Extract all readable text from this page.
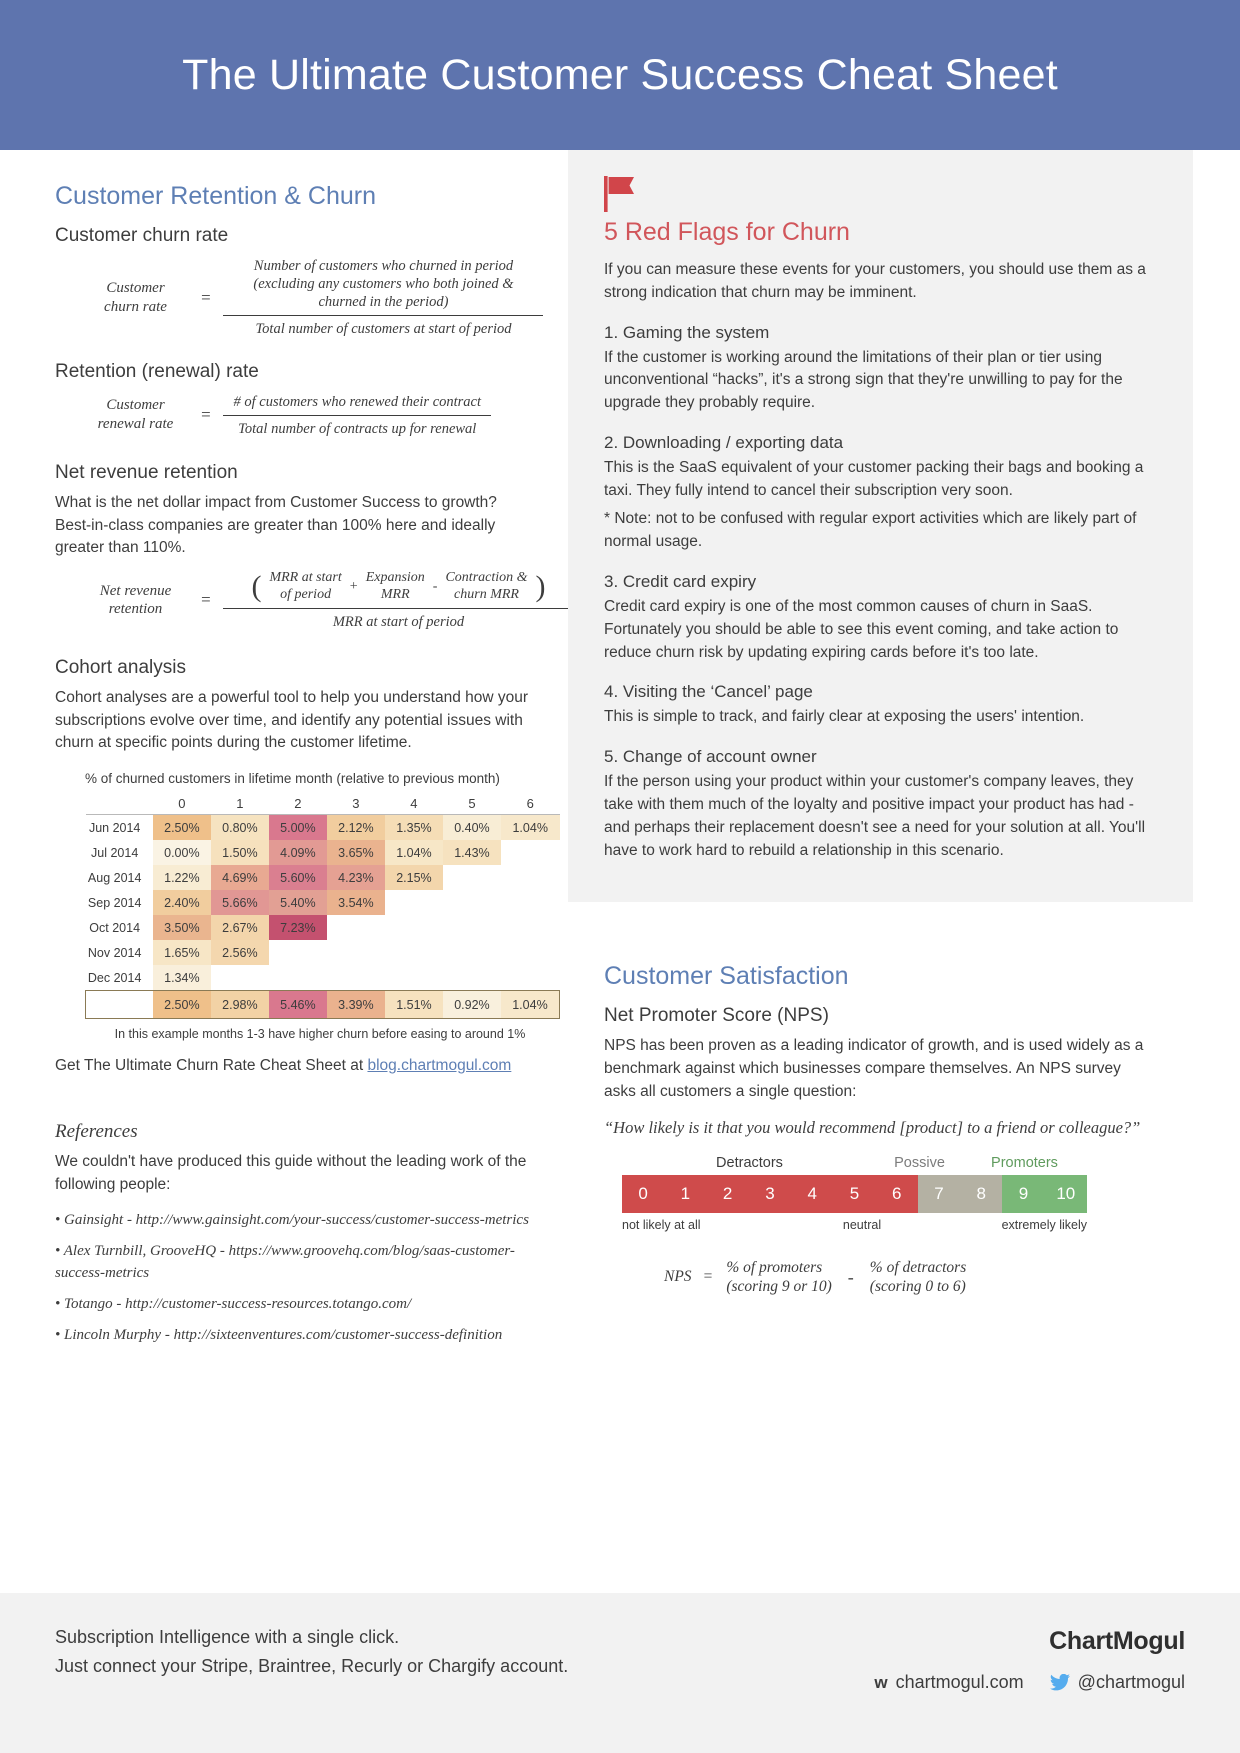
The Ultimate Customer Success Cheat Sheet
Customer Retention & Churn
Customer churn rate
Customer
churn rate	=
Number of customers who churned in period (excluding any customers who both joined & churned in the period)
Total number of customers at start of period
Retention (renewal) rate
Customer
renewal rate	= $\frac{\text{\# of customers who renewed their contract}}{\text{Total number of contracts up for renewal}}$
Net revenue retention

What is the net dollar impact from Customer Success to growth? Best-in-class companies are greater than 100% here and ideally greater than 110%.

Net revenue
retention	= ( MRR at start
of period
+
Expansion
MRR
-
Contraction &
churn MRR )
MRR at start of period
Cohort analysis

Cohort analyses are a powerful tool to help you understand how your subscriptions evolve over time, and identify any potential issues with churn at specific points during the customer lifetime.

% of churned customers in lifetime month (relative to previous month)
	0	1	2	3	4	5	6
Jun 2014	2.50%	0.80%	5.00%	2.12%	1.35%	0.40%	1.04%
Jul 2014	0.00%	1.50%	4.09%	3.65%	1.04%	1.43%	
Aug 2014	1.22%	4.69%	5.60%	4.23%	2.15%		
Sep 2014	2.40%	5.66%	5.40%	3.54%			
Oct 2014	3.50%	2.67%	7.23%				
Nov 2014	1.65%	2.56%					
Dec 2014	1.34%						
	2.50%	2.98%	5.46%	3.39%	1.51%	0.92%	1.04%
In this example months 1-3 have higher churn before easing to around 1%

Get The Ultimate Churn Rate Cheat Sheet at blog.chartmogul.com

References

We couldn't have produced this guide without the leading work of the following people:

• Gainsight - http://www.gainsight.com/your-success/customer-success-metrics
• Alex Turnbill, GrooveHQ - https://www.groovehq.com/blog/saas-customer-success-metrics
• Totango - http://customer-success-resources.totango.com/
• Lincoln Murphy - http://sixteenventures.com/customer-success-definition
5 Red Flags for Churn

If you can measure these events for your customers, you should use them as a strong indication that churn may be imminent.

1. Gaming the system

If the customer is working around the limitations of their plan or tier using unconventional “hacks”, it's a strong sign that they're unwilling to pay for the upgrade they probably require.

2. Downloading / exporting data

This is the SaaS equivalent of your customer packing their bags and booking a taxi. They fully intend to cancel their subscription very soon.

* Note: not to be confused with regular export activities which are likely part of normal usage.

3. Credit card expiry

Credit card expiry is one of the most common causes of churn in SaaS. Fortunately you should be able to see this event coming, and take action to reduce churn risk by updating expiring cards before it's too late.

4. Visiting the ‘Cancel’ page

This is simple to track, and fairly clear at exposing the users' intention.

5. Change of account owner

If the person using your product within your customer's company leaves, they take with them much of the loyalty and positive impact your product has had - and perhaps their replacement doesn't see a need for your solution at all. You'll have to work hard to rebuild a relationship in this scenario.

Customer Satisfaction
Net Promoter Score (NPS)

NPS has been proven as a leading indicator of growth, and is used widely as a benchmark against which businesses compare themselves. An NPS survey asks all customers a single question:

“How likely is it that you would recommend [product] to a friend or colleague?”

Detractors	Possive	Promoters
0	1	2	3	4	5	6	7	8	9	10
not likely at all	neutral	extremely likely
NPS =
% of promoters
(scoring 9 or 10) - % of detractors
(scoring 0 to 6)

Subscription Intelligence with a single click.

Just connect your Stripe, Braintree, Recurly or Chargify account.

ChartMogul
w chartmogul.com	@chartmogul
